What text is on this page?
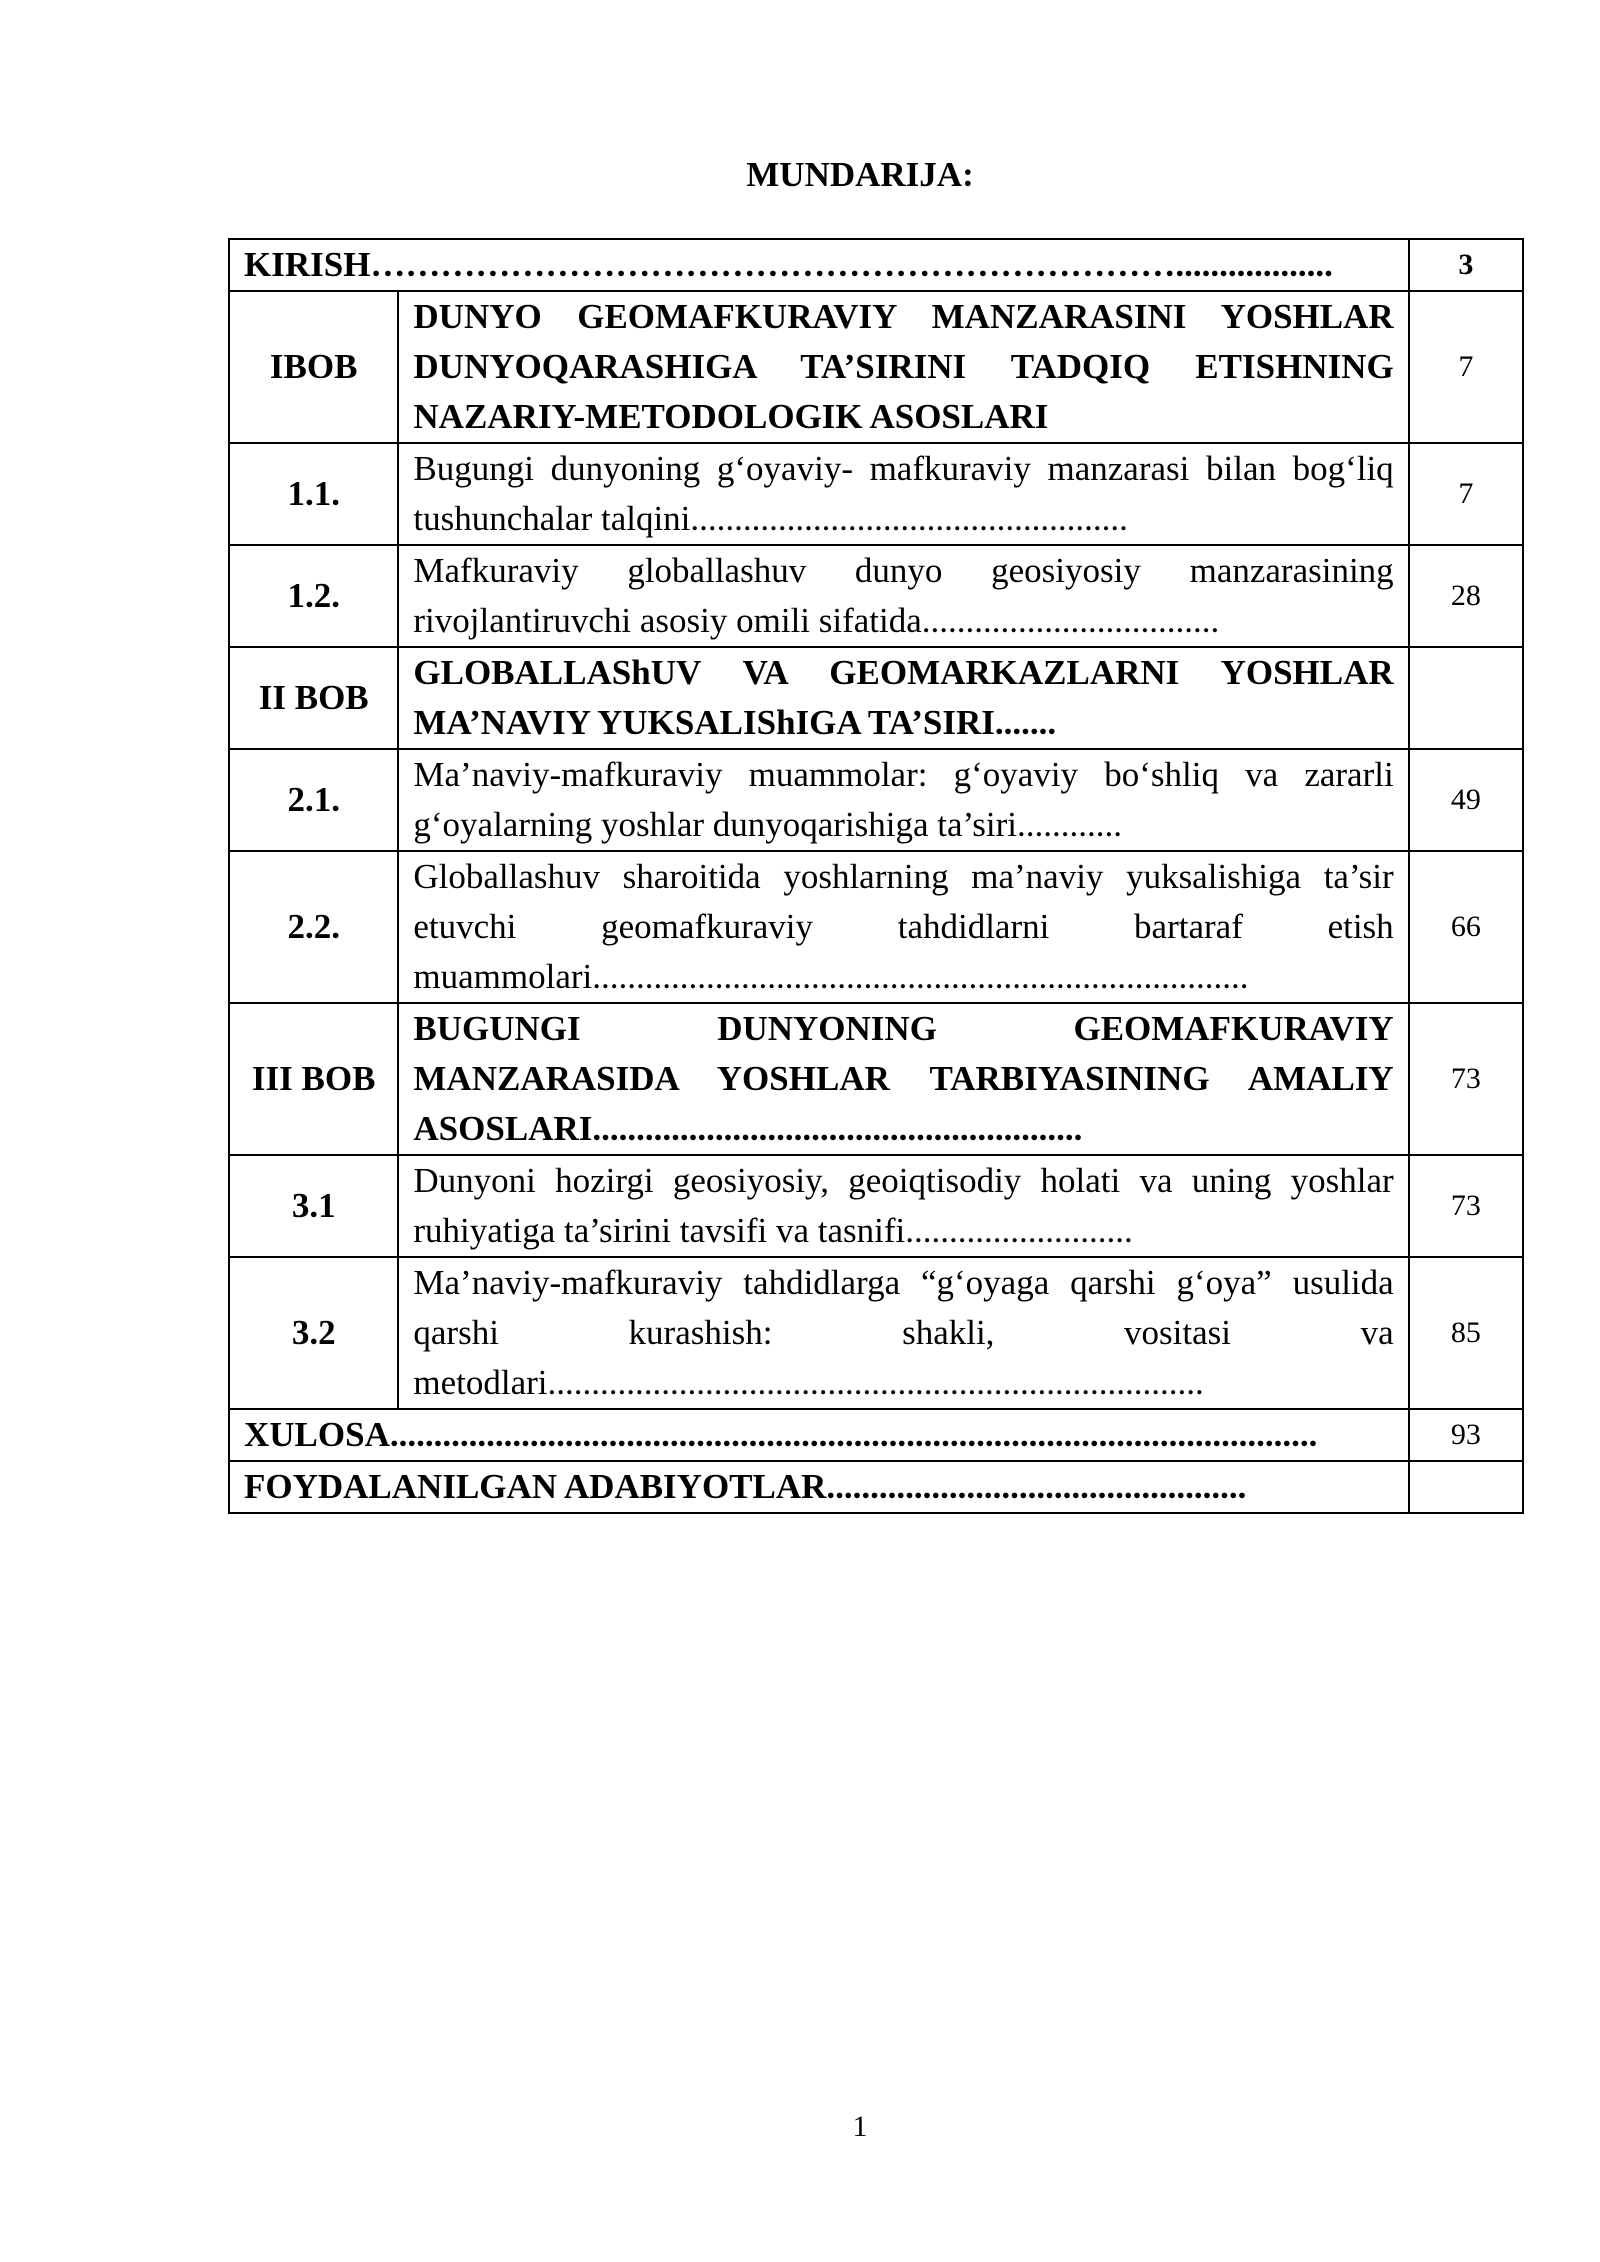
MUNDARIJA:
KIRISH……………………………………………………………..................		3
IBOB	DUNYO GEOMAFKURAVIY MANZARASINI YOSHLAR DUNYOQARASHIGA TA’SIRINI TADQIQ ETISHNING NAZARIY-METODOLOGIK ASOSLARI	7
1.1.	Bugungi dunyoning g‘oyaviy- mafkuraviy manzarasi bilan bog‘liq tushunchalar talqini..................................................	7
1.2.	Mafkuraviy globallashuv dunyo geosiyosiy manzarasining rivojlantiruvchi asosiy omili sifatida..................................	28
II BOB	GLOBALLAShUV VA GEOMARKAZLARNI YOSHLAR MA’NAVIY YUKSALIShIGA TA’SIRI.......	
2.1.	Ma’naviy-mafkuraviy muammolar: g‘oyaviy bo‘shliq va zararli g‘oyalarning yoshlar dunyoqarishiga ta’siri............	49
2.2.	Globallashuv sharoitida yoshlarning ma’naviy yuksalishiga ta’sir etuvchi geomafkuraviy tahdidlarni bartaraf etish muammolari...........................................................................	66
III BOB	BUGUNGI DUNYONING GEOMAFKURAVIY MANZARASIDA YOSHLAR TARBIYASINING AMALIY ASOSLARI........................................................	73
3.1	Dunyoni hozirgi geosiyosiy, geoiqtisodiy holati va uning yoshlar ruhiyatiga ta’sirini tavsifi va tasnifi..........................	73
3.2	Ma’naviy-mafkuraviy tahdidlarga “g‘oyaga qarshi g‘oya” usulida qarshi kurashish: shakli, vositasi va metodlari...........................................................................	85
XULOSA..........................................................................................................		93
FOYDALANILGAN ADABIYOTLAR................................................		
1
